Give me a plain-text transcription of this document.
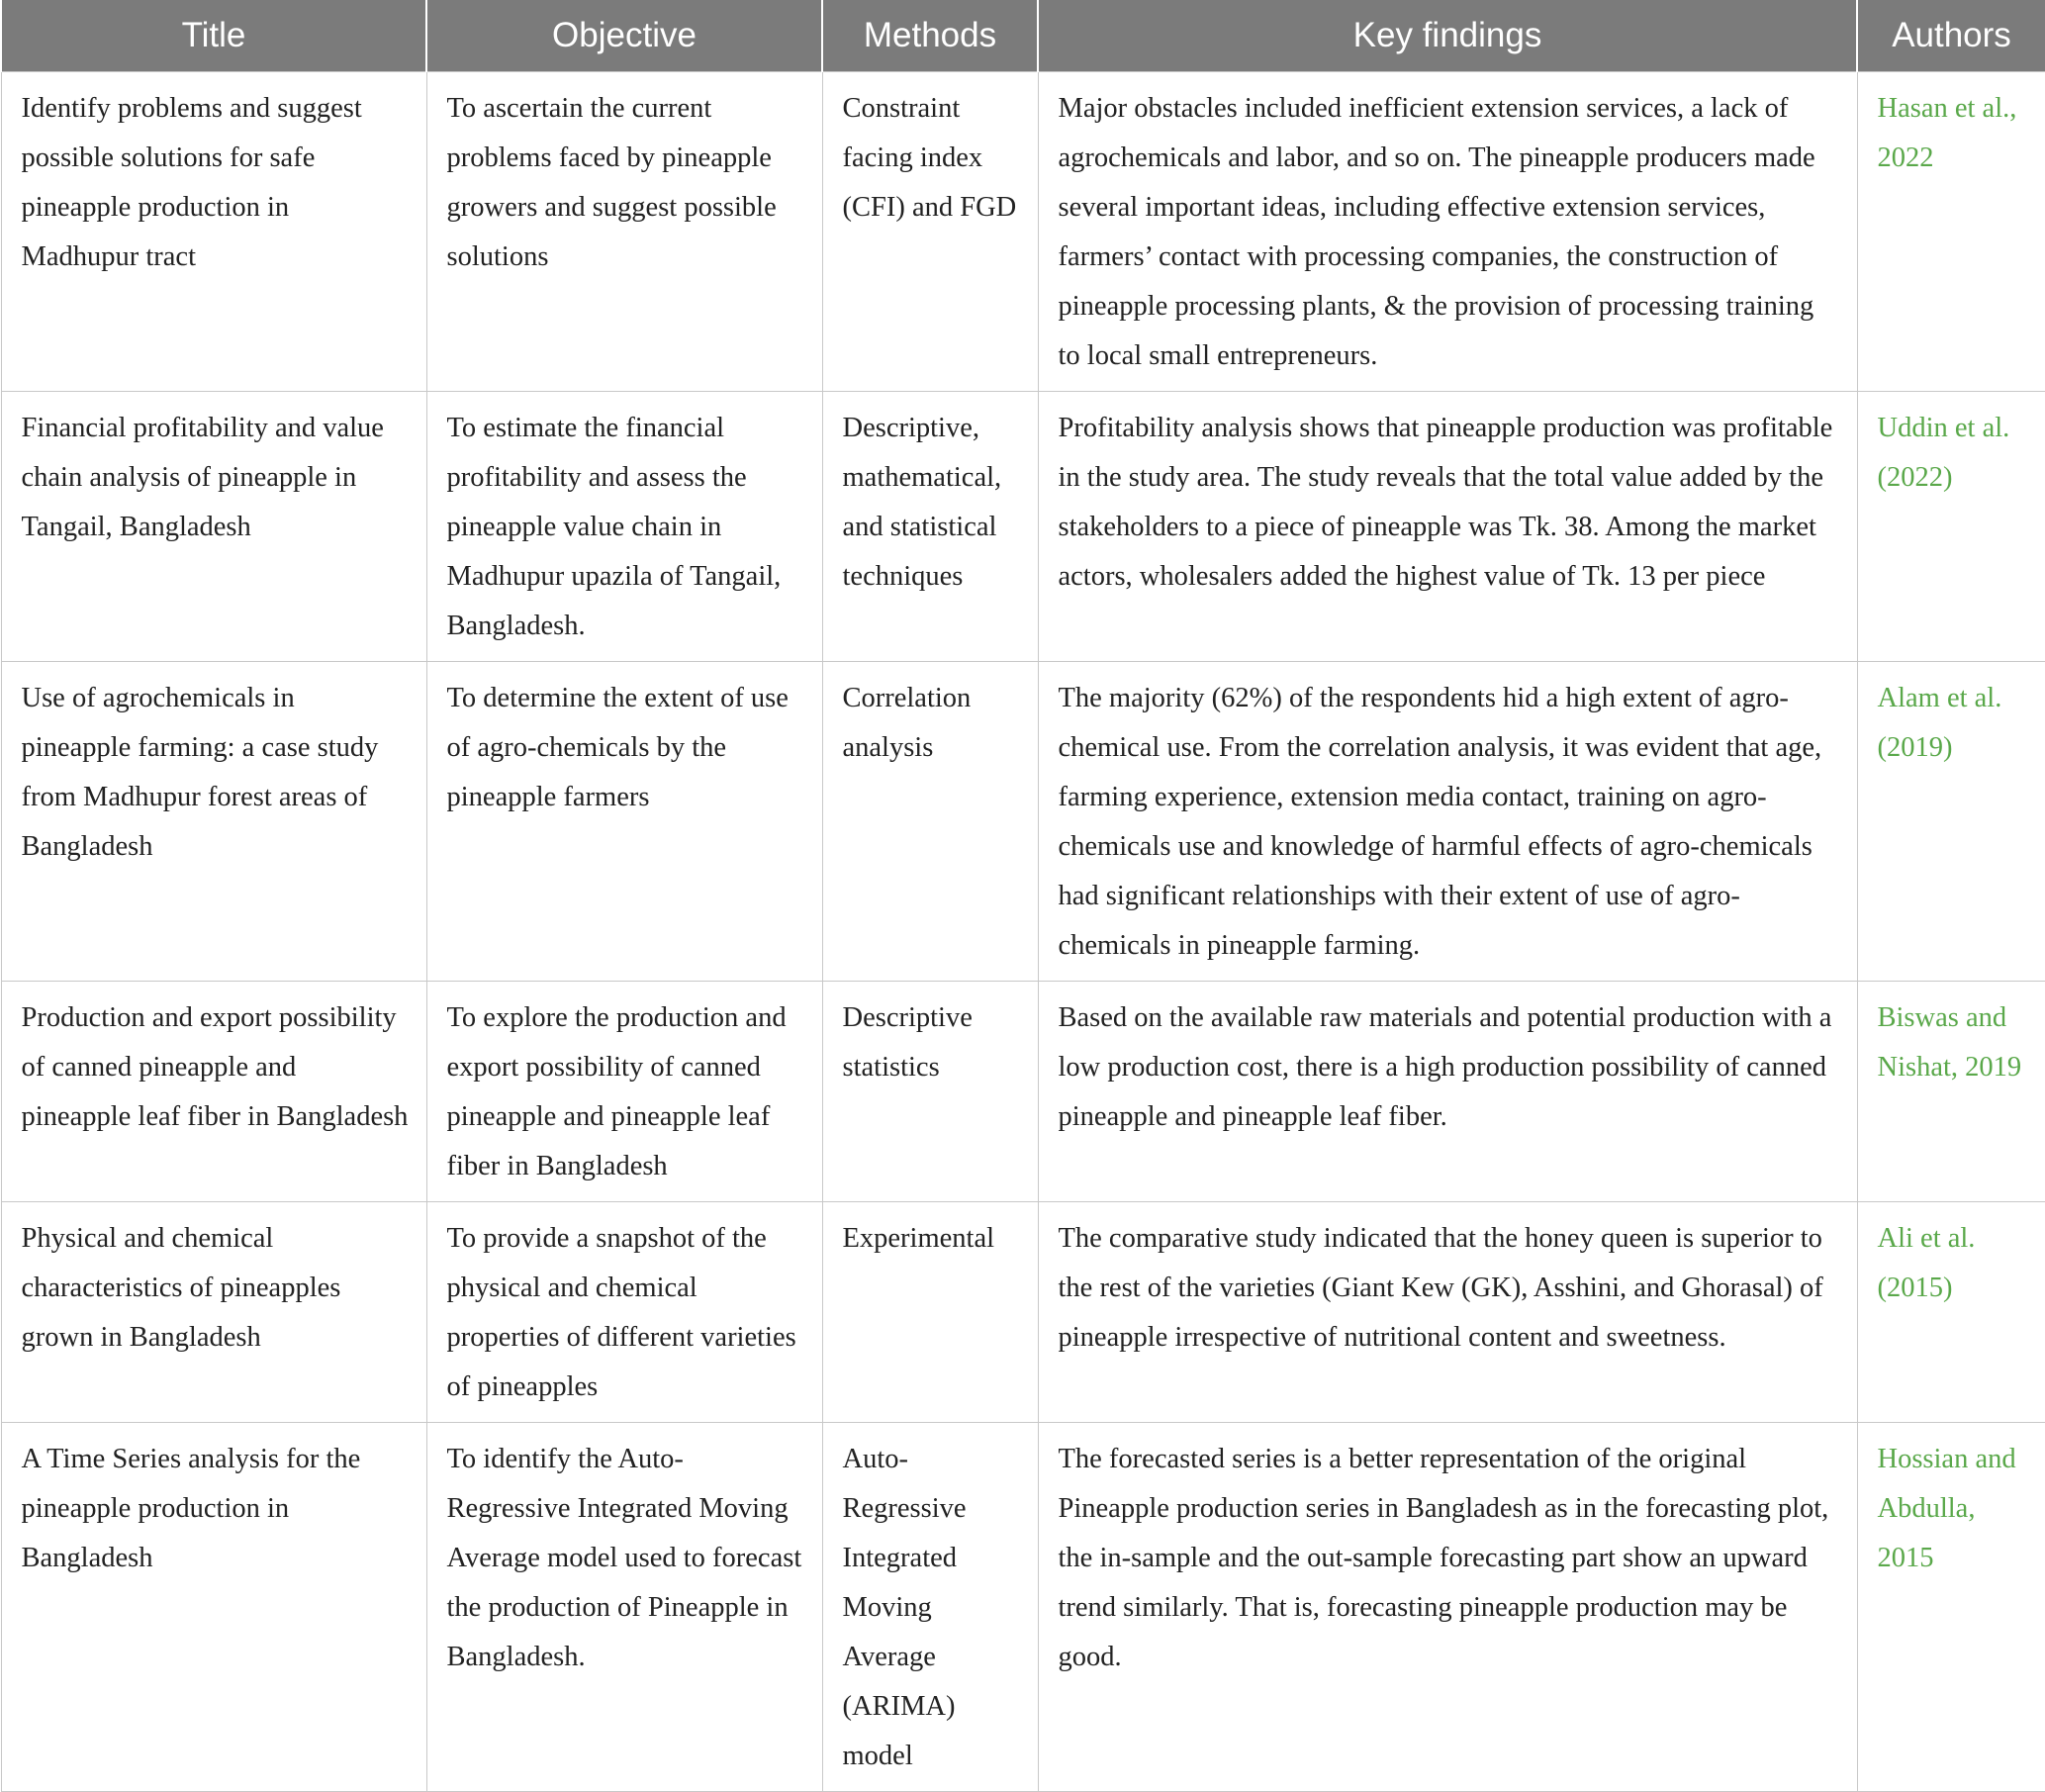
Title	Objective	Methods	Key findings	Authors
Identify problems and suggest possible solutions for safe pineapple production in Madhupur tract	To ascertain the current problems faced by pineapple growers and suggest possible solutions	Constraint facing index (CFI) and FGD	Major obstacles included inefficient extension services, a lack of agrochemicals and labor, and so on. The pineapple producers made several important ideas, including effective extension services, farmers’ contact with processing companies, the construction of pineapple processing plants, & the provision of processing training to local small entrepreneurs.	Hasan et al., 2022
Financial profitability and value chain analysis of pineapple in Tangail, Bangladesh	To estimate the financial profitability and assess the pineapple value chain in Madhupur upazila of Tangail, Bangladesh.	Descriptive, mathematical, and statistical techniques	Profitability analysis shows that pineapple production was profitable in the study area. The study reveals that the total value added by the stakeholders to a piece of pineapple was Tk. 38. Among the market actors, wholesalers added the highest value of Tk. 13 per piece	Uddin et al. (2022)
Use of agrochemicals in pineapple farming: a case study from Madhupur forest areas of Bangladesh	To determine the extent of use of agro-chemicals by the pineapple farmers	Correlation analysis	The majority (62%) of the respondents hid a high extent of agro-chemical use. From the correlation analysis, it was evident that age, farming experience, extension media contact, training on agro-chemicals use and knowledge of harmful effects of agro-chemicals had significant relationships with their extent of use of agro-chemicals in pineapple farming.	Alam et al. (2019)
Production and export possibility of canned pineapple and pineapple leaf fiber in Bangladesh	To explore the production and export possibility of canned pineapple and pineapple leaf fiber in Bangladesh	Descriptive statistics	Based on the available raw materials and potential production with a low production cost, there is a high production possibility of canned pineapple and pineapple leaf fiber.	Biswas and Nishat, 2019
Physical and chemical characteristics of pineapples grown in Bangladesh	To provide a snapshot of the physical and chemical properties of different varieties of pineapples	Experimental	The comparative study indicated that the honey queen is superior to the rest of the varieties (Giant Kew (GK), Asshini, and Ghorasal) of pineapple irrespective of nutritional content and sweetness.	Ali et al. (2015)
A Time Series analysis for the pineapple production in Bangladesh	To identify the Auto-Regressive Integrated Moving Average model used to forecast the production of Pineapple in Bangladesh.	Auto-Regressive Integrated Moving Average (ARIMA) model	The forecasted series is a better representation of the original Pineapple production series in Bangladesh as in the forecasting plot, the in-sample and the out-sample forecasting part show an upward trend similarly. That is, forecasting pineapple production may be good.	Hossian and Abdulla, 2015
